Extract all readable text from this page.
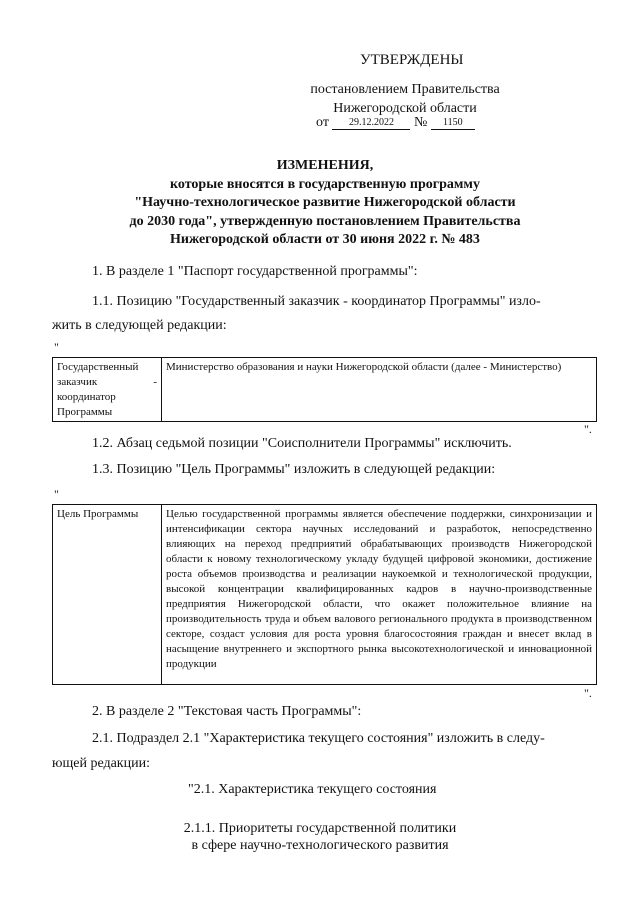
УТВЕРЖДЕНЫ
постановлением Правительства
Нижегородской области
от 29.12.2022 № 1150
ИЗМЕНЕНИЯ,
которые вносятся в государственную программу
"Научно-технологическое развитие Нижегородской области
до 2030 года", утвержденную постановлением Правительства
Нижегородской области от 30 июня 2022 г. № 483
1. В разделе 1 "Паспорт государственной программы":
1.1. Позицию "Государственный заказчик - координатор Программы" изло-
жить в следующей редакции:
"
Государственный заказчик - координатор Программы	Министерство образования и науки Нижегородской области (далее - Министерство)
".
1.2. Абзац седьмой позиции "Соисполнители Программы" исключить.
1.3. Позицию "Цель Программы" изложить в следующей редакции:
"
Цель Программы	Целью государственной программы является обеспечение поддержки, синхронизации и интенсификации сектора научных исследований и разработок, непосредственно влияющих на переход предприятий обрабатывающих производств Нижегородской области к новому технологическому укладу будущей цифровой экономики, достижение роста объемов производства и реализации наукоемкой и технологической продукции, высокой концентрации квалифицированных кадров в научно-производственные предприятия Нижегородской области, что окажет положительное влияние на производительность труда и объем валового регионального продукта в производственном секторе, создаст условия для роста уровня благосостояния граждан и внесет вклад в насыщение внутреннего и экспортного рынка высокотехнологической и инновационной продукции
".
2. В разделе 2 "Текстовая часть Программы":
2.1. Подраздел 2.1 "Характеристика текущего состояния" изложить в следу-
ющей редакции:
"2.1. Характеристика текущего состояния
2.1.1. Приоритеты государственной политики
в сфере научно-технологического развития
